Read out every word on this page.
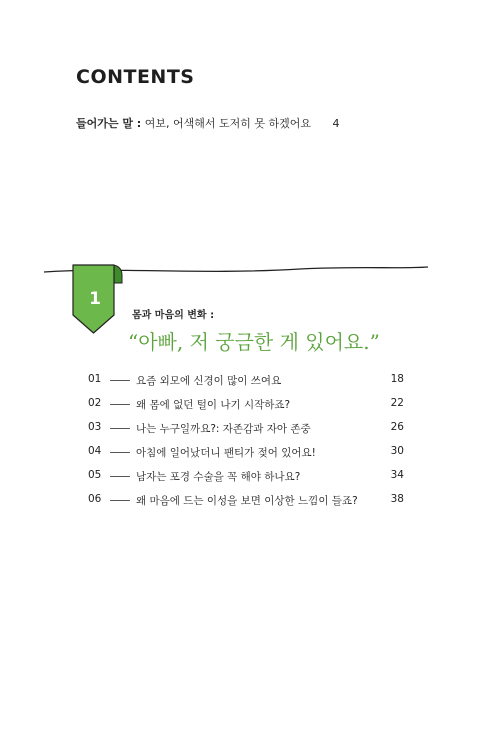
CONTENTS
들어가는 말 : 여보, 어색해서 도저히 못 하겠어요 4
1
몸과 마음의 변화 :
“아빠, 저 궁금한 게 있어요.”
01	요즘 외모에 신경이 많이 쓰여요	18
02	왜 몸에 없던 털이 나기 시작하죠?	22
03	나는 누구일까요?: 자존감과 자아 존중	26
04	아침에 일어났더니 팬티가 젖어 있어요!	30
05	남자는 포경 수술을 꼭 해야 하나요?	34
06	왜 마음에 드는 이성을 보면 이상한 느낌이 들죠?	38
